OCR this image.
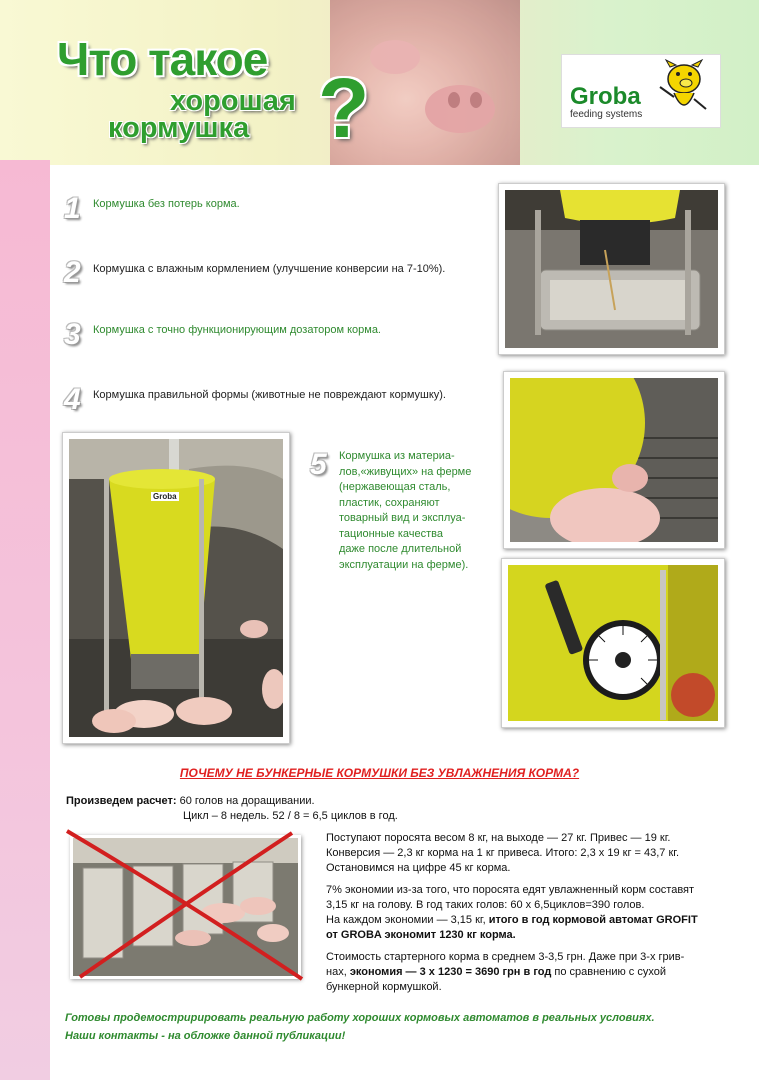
Что такое
хорошая
кормушка ?	Groba
feeding systems
1 Кормушка без потерь корма.
2 Кормушка с влажным кормлением (улучшение конверсии на 7-10%).
3 Кормушка с точно функционирующим дозатором корма.
4 Кормушка правильной формы (животные не повреждают кормушку).
5 Кормушка из материа-
лов,«живущих» на ферме
(нержавеющая сталь,
пластик, сохраняют
товарный вид и эксплуа-
тационные качества
даже после длительной
эксплуатации на ферме).
Groba
ПОЧЕМУ НЕ БУНКЕРНЫЕ КОРМУШКИ БЕЗ УВЛАЖНЕНИЯ КОРМА?
Произведем расчет: 60 голов на доращивании.
Цикл – 8 недель. 52 / 8 = 6,5 циклов в год.
Поступают поросята весом 8 кг, на выходе — 27 кг. Привес — 19 кг.
Конверсия — 2,3 кг корма на 1 кг привеса. Итого: 2,3 х 19 кг = 43,7 кг.
Остановимся на цифре 45 кг корма.
7% экономии из-за того, что поросята едят увлажненный корм составят
3,15 кг на голову. В год таких голов: 60 х 6,5циклов=390 голов.
На каждом экономии — 3,15 кг, итого в год кормовой автомат GROFIT
от GROBA экономит 1230 кг корма.
Стоимость стартерного корма в среднем 3-3,5 грн. Даже при 3-х грив-
нах, экономия — 3 х 1230 = 3690 грн в год по сравнению с сухой
бункерной кормушкой.
Готовы продемостририровать реальную работу хороших кормовых автоматов в реальных условиях.
Наши контакты - на обложке данной публикации!
